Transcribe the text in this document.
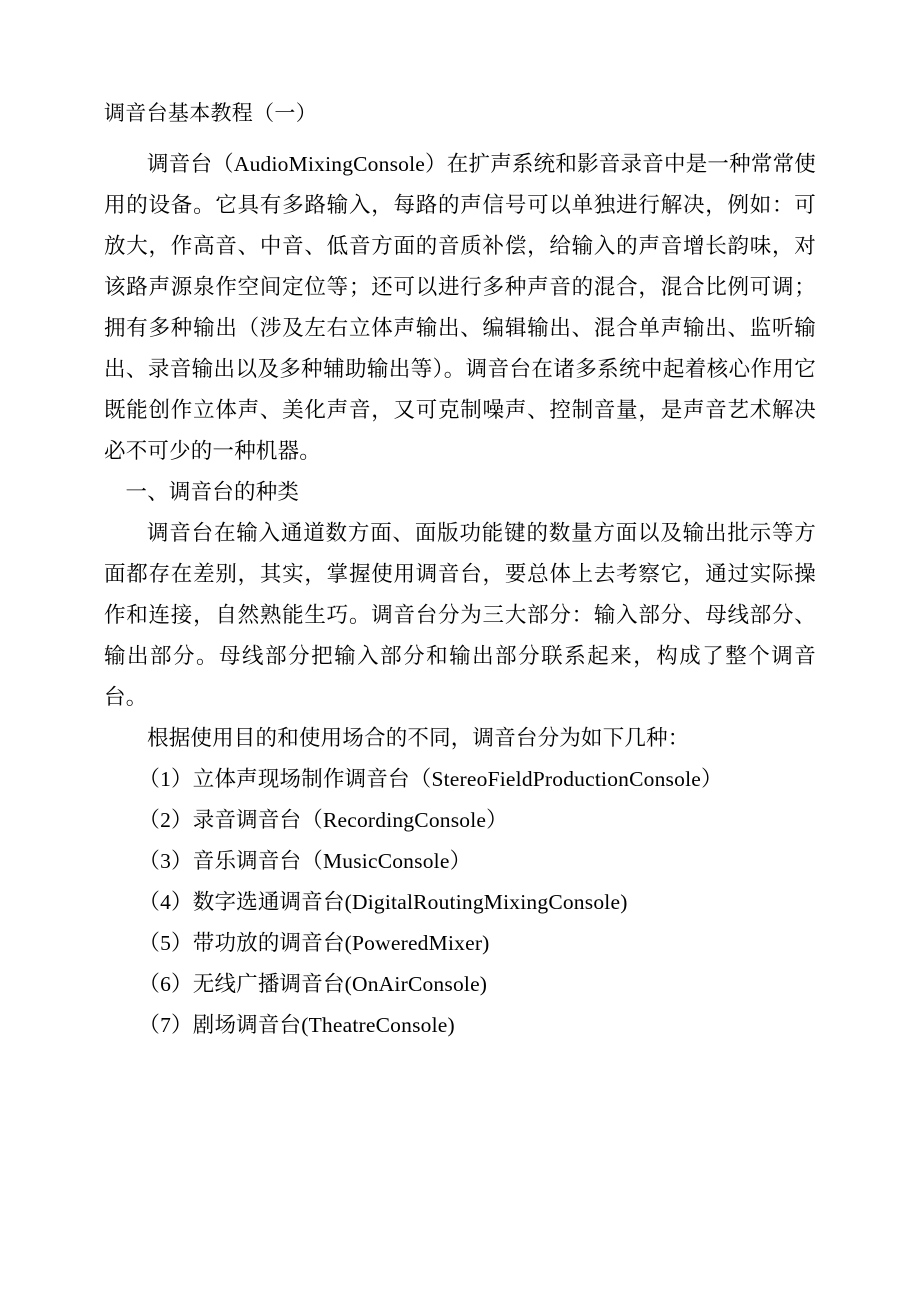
调音台基本教程（一）

调音台（AudioMixingConsole）在扩声系统和影音录音中是一种常常使用的设备。它具有多路输入，每路的声信号可以单独进行解决，例如：可放大，作高音、中音、低音方面的音质补偿，给输入的声音增长韵味，对该路声源泉作空间定位等；还可以进行多种声音的混合，混合比例可调；拥有多种输出（涉及左右立体声输出、编辑输出、混合单声输出、监听输出、录音输出以及多种辅助输出等）。调音台在诸多系统中起着核心作用它既能创作立体声、美化声音，又可克制噪声、控制音量，是声音艺术解决必不可少的一种机器。

一、调音台的种类

调音台在输入通道数方面、面版功能键的数量方面以及输出批示等方面都存在差别，其实，掌握使用调音台，要总体上去考察它，通过实际操作和连接，自然熟能生巧。调音台分为三大部分：输入部分、母线部分、输出部分。母线部分把输入部分和输出部分联系起来，构成了整个调音台。

根据使用目的和使用场合的不同，调音台分为如下几种：

（1）立体声现场制作调音台（StereoFieldProductionConsole）

（2）录音调音台（RecordingConsole）

（3）音乐调音台（MusicConsole）

（4）数字选通调音台(DigitalRoutingMixingConsole)

（5）带功放的调音台(PoweredMixer)

（6）无线广播调音台(OnAirConsole)

（7）剧场调音台(TheatreConsole)
